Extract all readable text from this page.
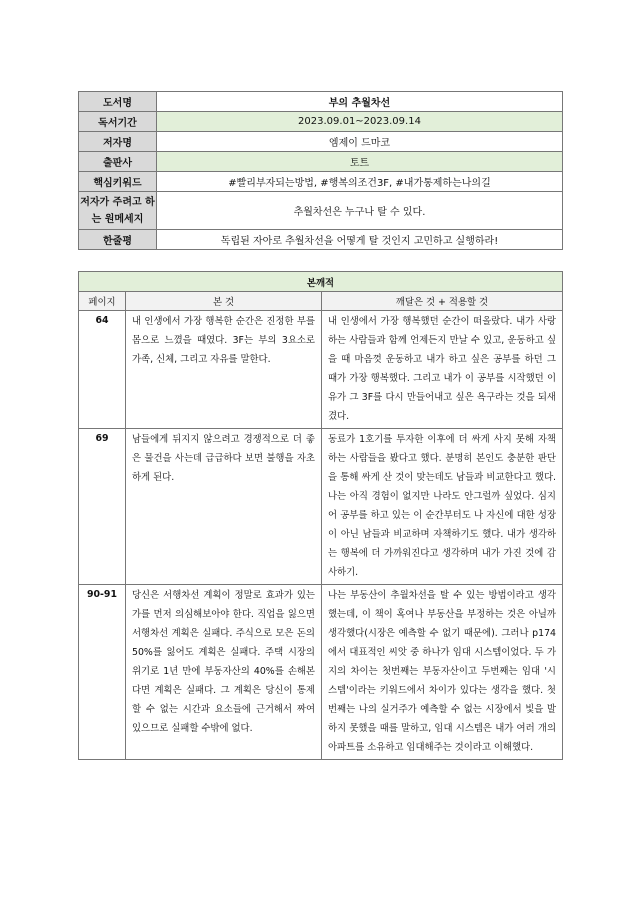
도서명	부의 추월차선
독서기간	2023.09.01~2023.09.14
저자명	엠제이 드마코
출판사	토트
핵심키워드	#빨리부자되는방법, #행복의조건3F, #내가통제하는나의길
저자가 주려고 하는 원메세지	추월차선은 누구나 탈 수 있다.
한줄평	독립된 자아로 추월차선을 어떻게 탈 것인지 고민하고 실행하라!
본깨적		
페이지	본 것	깨달은 것 + 적용할 것
64	내 인생에서 가장 행복한 순간은 진정한 부를 몸으로 느꼈을 때였다. 3F는 부의 3요소로 가족, 신체, 그리고 자유를 말한다.	내 인생에서 가장 행복했던 순간이 떠올랐다. 내가 사랑하는 사람들과 함께 언제든지 만날 수 있고, 운동하고 싶을 때 마음껏 운동하고 내가 하고 싶은 공부를 하던 그 때가 가장 행복했다. 그리고 내가 이 공부를 시작했던 이유가 그 3F를 다시 만들어내고 싶은 욕구라는 것을 되새겼다.
69	남들에게 뒤지지 않으려고 경쟁적으로 더 좋은 물건을 사는데 급급하다 보면 불행을 자초하게 된다.	동료가 1호기를 투자한 이후에 더 싸게 사지 못해 자책하는 사람들을 봤다고 했다. 분명히 본인도 충분한 판단을 통해 싸게 산 것이 맞는데도 남들과 비교한다고 했다. 나는 아직 경험이 없지만 나라도 안그럴까 싶었다. 심지어 공부를 하고 있는 이 순간부터도 나 자신에 대한 성장이 아닌 남들과 비교하며 자책하기도 했다. 내가 생각하는 행복에 더 가까워진다고 생각하며 내가 가진 것에 감사하기.
90-91	당신은 서행차선 계획이 정말로 효과가 있는가를 먼저 의심해보아야 한다. 직업을 잃으면 서행차선 계획은 실패다. 주식으로 모은 돈의 50%를 잃어도 계획은 실패다. 주택 시장의 위기로 1년 만에 부동자산의 40%를 손해본다면 계획은 실패다. 그 계획은 당신이 통제할 수 없는 시간과 요소들에 근거해서 짜여 있으므로 실패할 수밖에 없다.	나는 부동산이 추월차선을 탈 수 있는 방법이라고 생각했는데, 이 책이 혹여나 부동산을 부정하는 것은 아닐까 생각했다(시장은 예측할 수 없기 때문에). 그러나 p174에서 대표적인 씨앗 중 하나가 임대 시스템이었다. 두 가지의 차이는 첫번째는 부동자산이고 두번째는 임대 '시스템'이라는 키워드에서 차이가 있다는 생각을 했다. 첫번째는 나의 실거주가 예측할 수 없는 시장에서 빛을 발하지 못했을 때를 말하고, 임대 시스템은 내가 여러 개의 아파트를 소유하고 임대해주는 것이라고 이해했다.
